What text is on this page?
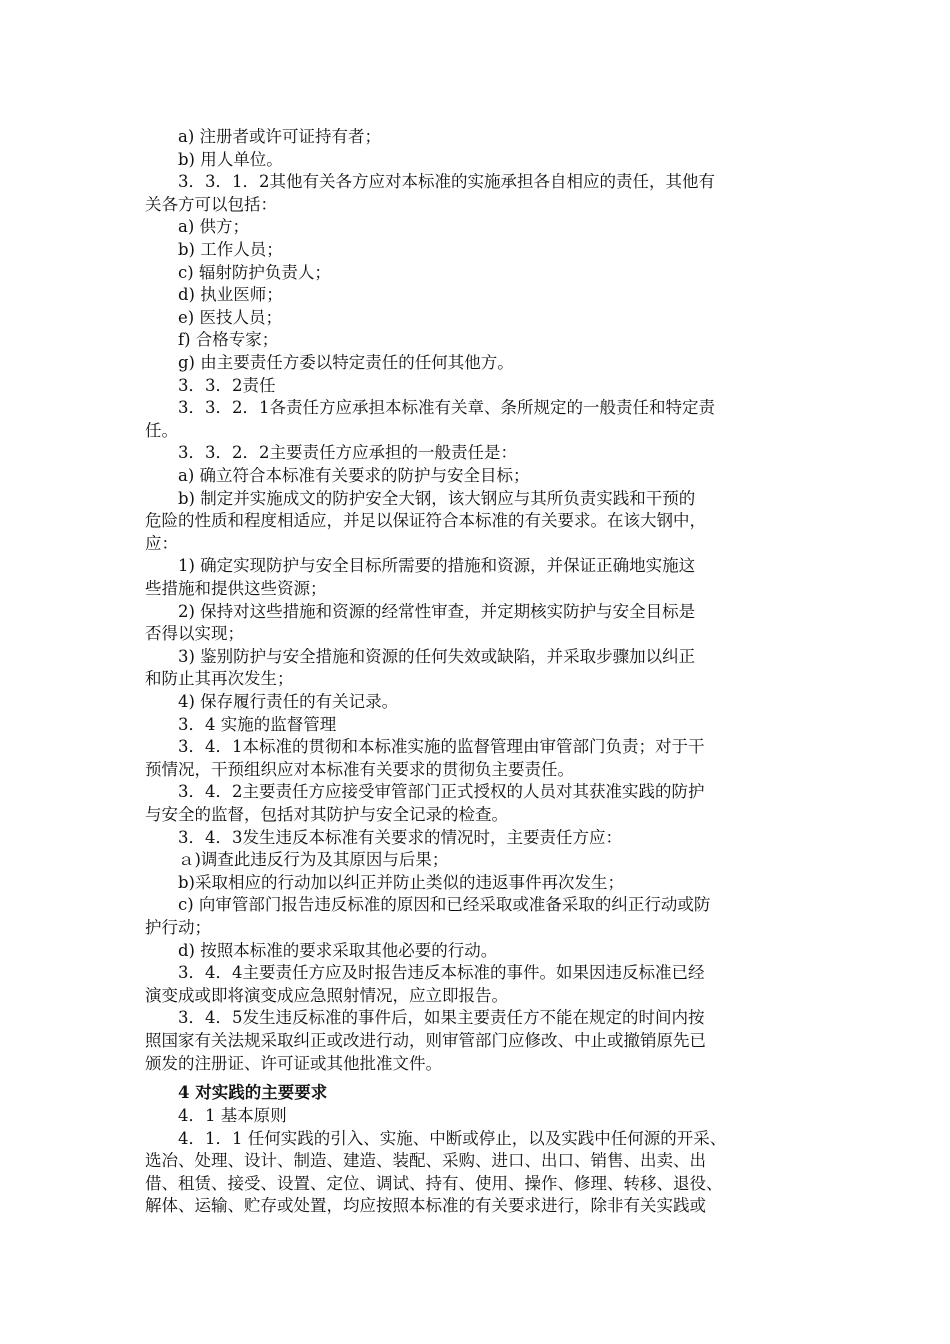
a) 注册者或许可证持有者；
b) 用人单位。
3．3．1．2其他有关各方应对本标准的实施承担各自相应的责任，其他有
关各方可以包括：
a) 供方；
b) 工作人员；
c) 辐射防护负责人；
d) 执业医师；
e) 医技人员；
f) 合格专家；
g) 由主要责任方委以特定责任的任何其他方。
3．3．2责任
3．3．2．1各责任方应承担本标准有关章、条所规定的一般责任和特定责
任。
3．3．2．2主要责任方应承担的一般责任是：
a) 确立符合本标准有关要求的防护与安全目标；
b) 制定并实施成文的防护安全大钢，该大钢应与其所负责实践和干预的
危险的性质和程度相适应，并足以保证符合本标准的有关要求。在该大钢中，
应：
1) 确定实现防护与安全目标所需要的措施和资源，并保证正确地实施这
些措施和提供这些资源；
2) 保持对这些措施和资源的经常性审查，并定期核实防护与安全目标是
否得以实现；
3) 鉴别防护与安全措施和资源的任何失效或缺陷，并采取步骤加以纠正
和防止其再次发生；
4) 保存履行责任的有关记录。
3．4 实施的监督管理
3．4．1本标准的贯彻和本标准实施的监督管理由审管部门负责；对于干
预情况，干预组织应对本标准有关要求的贯彻负主要责任。
3．4．2主要责任方应接受审管部门正式授权的人员对其获准实践的防护
与安全的监督，包括对其防护与安全记录的检查。
3．4．3发生违反本标准有关要求的情况时，主要责任方应：
ａ)调查此违反行为及其原因与后果；
b)采取相应的行动加以纠正并防止类似的违返事件再次发生；
c) 向审管部门报告违反标准的原因和已经采取或准备采取的纠正行动或防
护行动；
d) 按照本标准的要求采取其他必要的行动。
3．4．4主要责任方应及时报告违反本标准的事件。如果因违反标准已经
演变成或即将演变成应急照射情况，应立即报告。
3．4．5发生违反标准的事件后，如果主要责任方不能在规定的时间内按
照国家有关法规采取纠正或改进行动，则审管部门应修改、中止或撤销原先已
颁发的注册证、许可证或其他批准文件。
4 对实践的主要要求
4．1 基本原则
4．1．1 任何实践的引入、实施、中断或停止，以及实践中任何源的开采、
选冶、处理、设计、制造、建造、装配、采购、进口、出口、销售、出卖、出
借、租赁、接受、设置、定位、调试、持有、使用、操作、修理、转移、退役、
解体、运输、贮存或处置，均应按照本标准的有关要求进行，除非有关实践或
